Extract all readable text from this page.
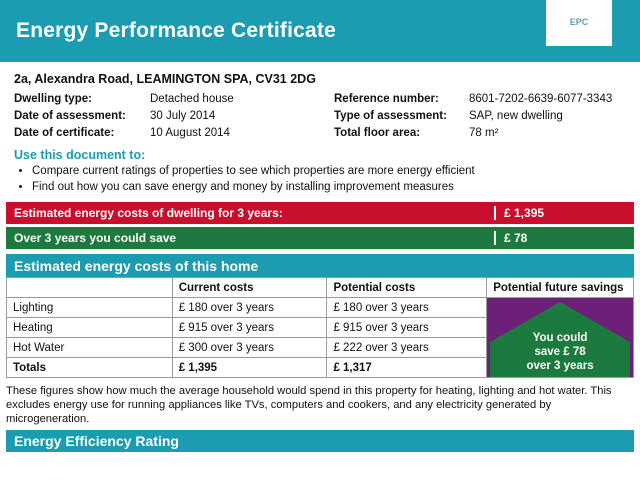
Energy Performance Certificate	EPC
2a, Alexandra Road, LEAMINGTON SPA, CV31 2DG
Dwelling type:	Detached house
Date of assessment:	30 July 2014
Date of certificate:	10 August 2014
Reference number:	8601-7202-6639-6077-3343
Type of assessment:	SAP, new dwelling
Total floor area:	78 m²
Use this document to:
• Compare current ratings of properties to see which properties are more energy efficient
• Find out how you can save energy and money by installing improvement measures
Estimated energy costs of dwelling for 3 years:	£ 1,395
Over 3 years you could save	£ 78
Estimated energy costs of this home
	Current costs	Potential costs	Potential future savings
Lighting	£ 180 over 3 years	£ 180 over 3 years	You could
save £ 78
over 3 years

Heating	£ 915 over 3 years	£ 915 over 3 years	
Hot Water	£ 300 over 3 years	£ 222 over 3 years	
Totals	£ 1,395	£ 1,317	
These figures show how much the average household would spend in this property for heating, lighting and hot water. This excludes energy use for running appliances like TVs, computers and cookers, and any electricity generated by microgeneration.
Energy Efficiency Rating
